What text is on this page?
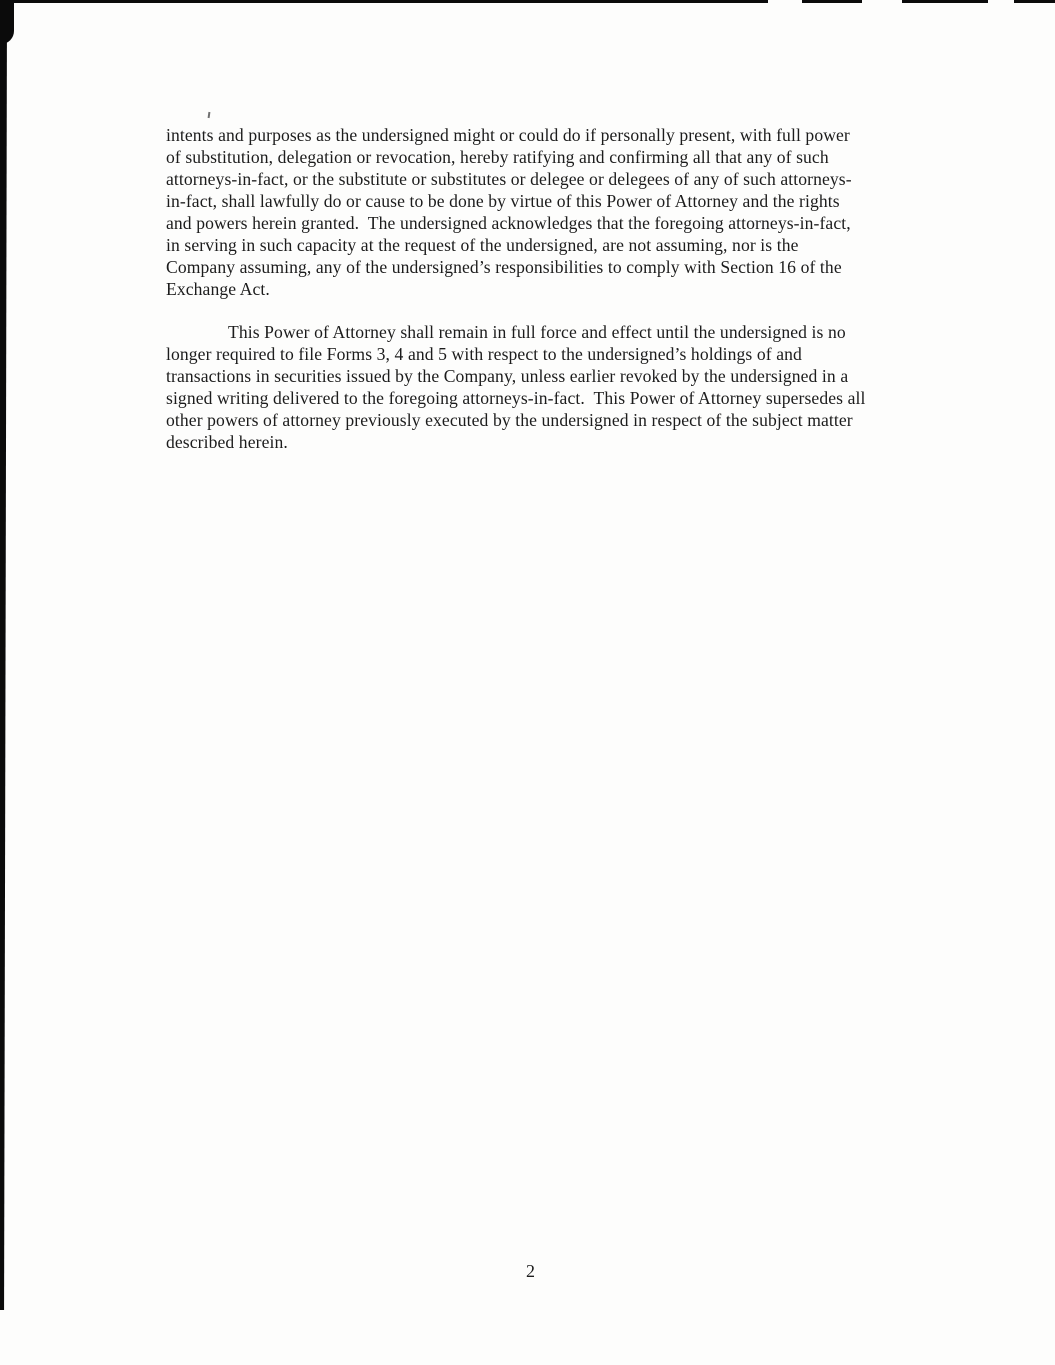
intents and purposes as the undersigned might or could do if personally present, with full power
of substitution, delegation or revocation, hereby ratifying and confirming all that any of such
attorneys-in-fact, or the substitute or substitutes or delegee or delegees of any of such attorneys-
in-fact, shall lawfully do or cause to be done by virtue of this Power of Attorney and the rights
and powers herein granted.  The undersigned acknowledges that the foregoing attorneys-in-fact,
in serving in such capacity at the request of the undersigned, are not assuming, nor is the
Company assuming, any of the undersigned’s responsibilities to comply with Section 16 of the
Exchange Act.
This Power of Attorney shall remain in full force and effect until the undersigned is no
longer required to file Forms 3, 4 and 5 with respect to the undersigned’s holdings of and
transactions in securities issued by the Company, unless earlier revoked by the undersigned in a
signed writing delivered to the foregoing attorneys-in-fact.  This Power of Attorney supersedes all
other powers of attorney previously executed by the undersigned in respect of the subject matter
described herein.
2
